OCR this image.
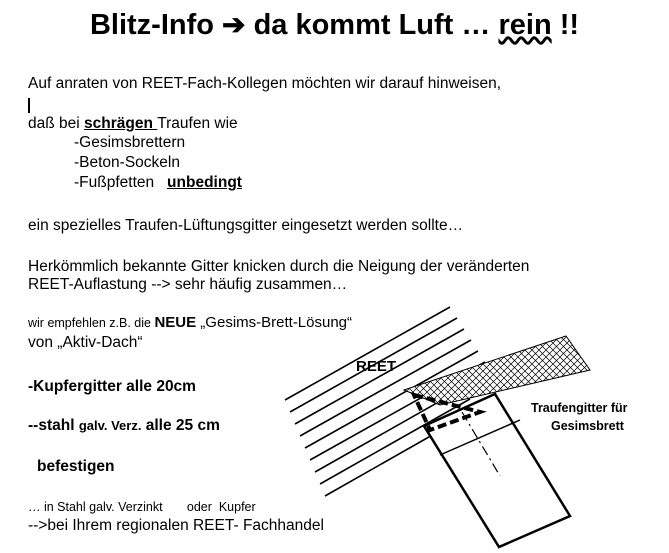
Blitz-Info ➔ da kommt Luft … rein !!
Auf anraten von REET-Fach-Kollegen möchten wir darauf hinweisen,
daß bei schrägen Traufen wie
-Gesimsbrettern
-Beton-Sockeln
-Fußpfetten unbedingt
ein spezielles Traufen-Lüftungsgitter eingesetzt werden sollte…
Herkömmlich bekannte Gitter knicken durch die Neigung der veränderten
REET-Auflastung --> sehr häufig zusammen…
wir empfehlen z.B. die NEUE „Gesims-Brett-Lösung“
von „Aktiv-Dach“
-Kupfergitter alle 20cm
--stahl galv. Verz. alle 25 cm
befestigen
… in Stahl galv. Verzinkt       oder  Kupfer
-->bei Ihrem regionalen REET- Fachhandel
REET
Traufengitter für
Gesimsbrett
